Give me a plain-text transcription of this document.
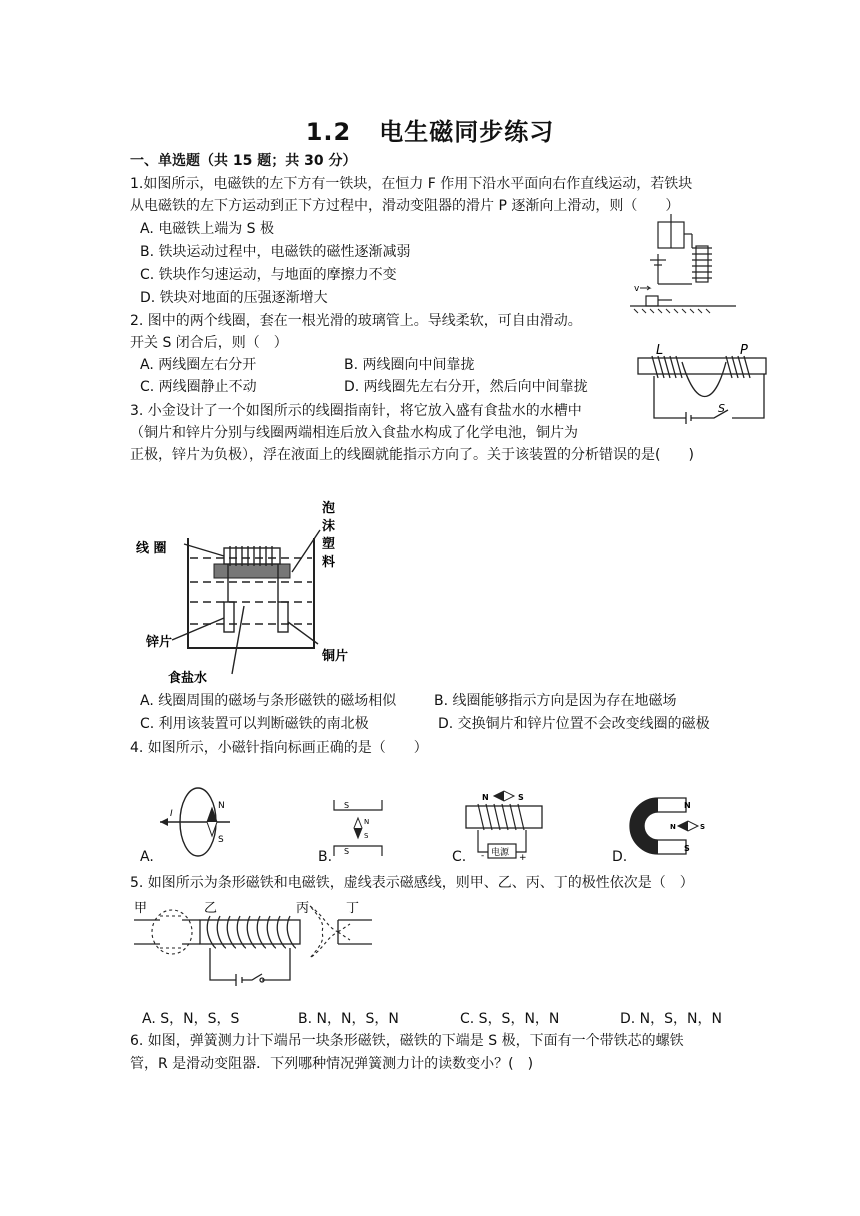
1.2 电生磁同步练习
一、单选题（共 15 题；共 30 分）
1.如图所示，电磁铁的左下方有一铁块，在恒力 F 作用下沿水平面向右作直线运动，若铁块
从电磁铁的左下方运动到正下方过程中，滑动变阻器的滑片 P 逐渐向上滑动，则（　　）
A. 电磁铁上端为 S 极
B. 铁块运动过程中，电磁铁的磁性逐渐减弱
C. 铁块作匀速运动，与地面的摩擦力不变
D. 铁块对地面的压强逐渐增大
v
2. 图中的两个线圈，套在一根光滑的玻璃管上。导线柔软，可自由滑动。
开关 S 闭合后，则（　）
A. 两线圈左右分开	B. 两线圈向中间靠拢
C. 两线圈静止不动	D. 两线圈先左右分开，然后向中间靠拢
L	P
S
3. 小金设计了一个如图所示的线圈指南针，将它放入盛有食盐水的水槽中
（铜片和锌片分别与线圈两端相连后放入食盐水构成了化学电池，铜片为
正极，锌片为负极），浮在液面上的线圈就能指示方向了。关于该装置的分析错误的是(　　)
线 圈
泡
沫
塑
料
锌片
铜片
食盐水
A. 线圈周围的磁场与条形磁铁的磁场相似	B. 线圈能够指示方向是因为存在地磁场
C. 利用该装置可以判断磁铁的南北极	D. 交换铜片和锌片位置不会改变线圈的磁极
4. 如图所示，小磁针指向标画正确的是（　　）
I
N
S
A.
S
S
N
S
B.
N	S
电源
-	+
C.
N
S
N	S
D.
5. 如图所示为条形磁铁和电磁铁，虚线表示磁感线，则甲、乙、丙、丁的极性依次是（　）
甲	乙	丙	丁
A. S，N，S，S	B. N，N，S，N	C. S，S，N，N	D. N，S，N，N
6. 如图，弹簧测力计下端吊一块条形磁铁，磁铁的下端是 S 极，下面有一个带铁芯的螺铁
管，R 是滑动变阻器．下列哪种情况弹簧测力计的读数变小？(　)
